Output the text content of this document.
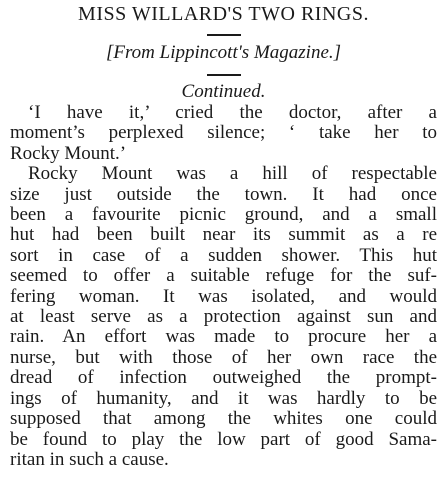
MISS WILLARD'S TWO RINGS.

[From Lippincott's Magazine.]

Continued.

‘I have it,’ cried the doctor, after a
moment’s perplexed silence; ‘ take her to
Rocky Mount.’

Rocky Mount was a hill of respectable
size just outside the town. It had once
been a favourite picnic ground, and a small
hut had been built near its summit as a re
sort in case of a sudden shower. This hut
seemed to offer a suitable refuge for the suf-
fering woman. It was isolated, and would
at least serve as a protection against sun and
rain. An effort was made to procure her a
nurse, but with those of her own race the
dread of infection outweighed the prompt-
ings of humanity, and it was hardly to be
supposed that among the whites one could
be found to play the low part of good Sama-
ritan in such a cause.
